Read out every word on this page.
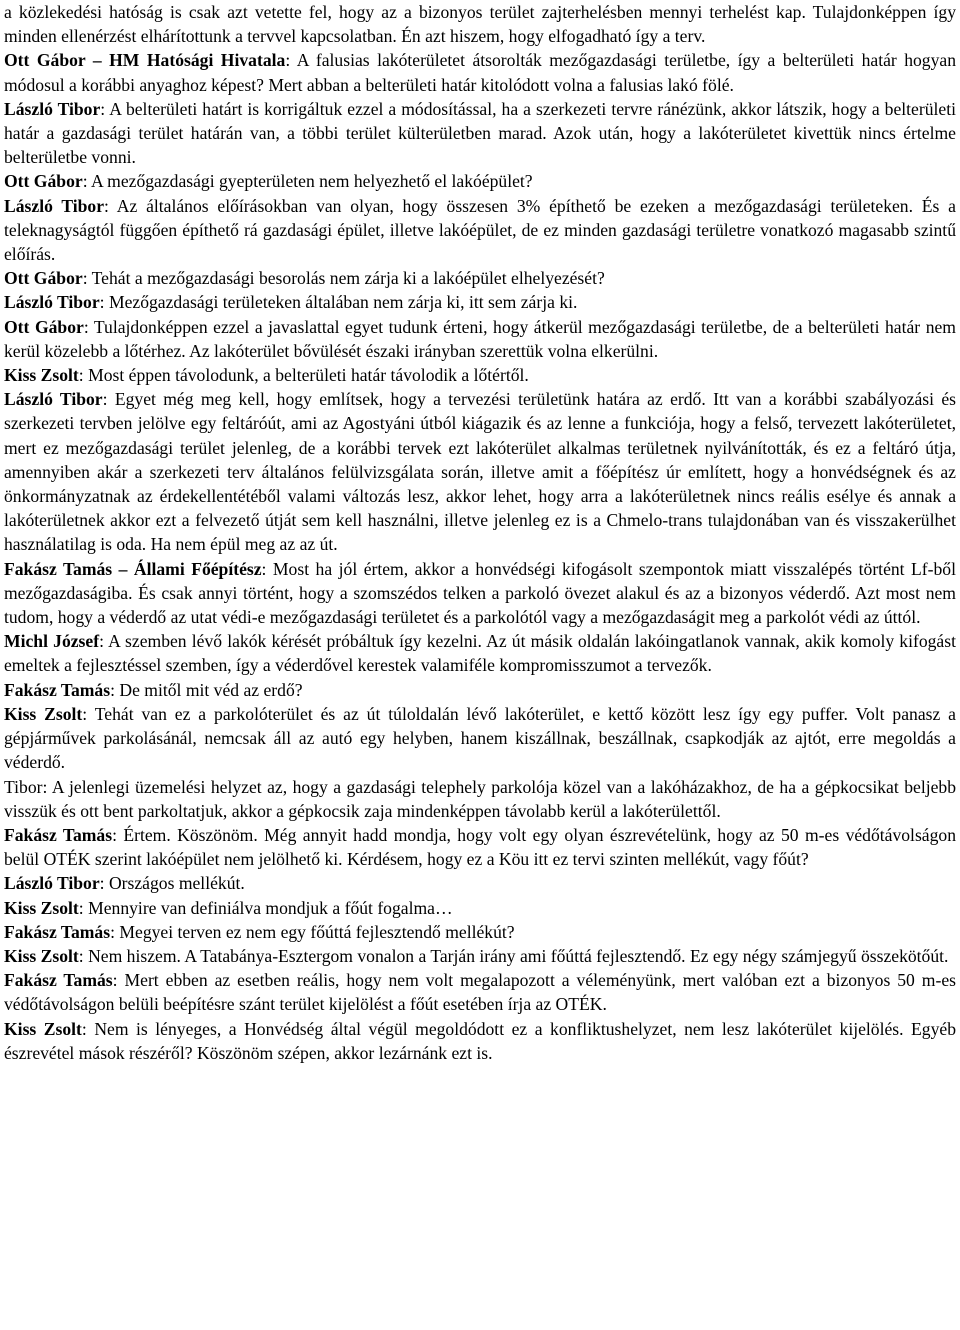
a közlekedési hatóság is csak azt vetette fel, hogy az a bizonyos terület zajterhelésben mennyi terhelést kap. Tulajdonképpen így minden ellenérzést elhárítottunk a tervvel kapcsolatban. Én azt hiszem, hogy elfogadható így a terv.

Ott Gábor – HM Hatósági Hivatala: A falusias lakóterületet átsorolták mezőgazdasági területbe, így a belterületi határ hogyan módosul a korábbi anyaghoz képest? Mert abban a belterületi határ kitolódott volna a falusias lakó fölé.

László Tibor: A belterületi határt is korrigáltuk ezzel a módosítással, ha a szerkezeti tervre ránézünk, akkor látszik, hogy a belterületi határ a gazdasági terület határán van, a többi terület külterületben marad. Azok után, hogy a lakóterületet kivettük nincs értelme belterületbe vonni.

Ott Gábor: A mezőgazdasági gyepterületen nem helyezhető el lakóépület?

László Tibor: Az általános előírásokban van olyan, hogy összesen 3% építhető be ezeken a mezőgazdasági területeken. És a teleknagyságtól függően építhető rá gazdasági épület, illetve lakóépület, de ez minden gazdasági területre vonatkozó magasabb szintű előírás.

Ott Gábor: Tehát a mezőgazdasági besorolás nem zárja ki a lakóépület elhelyezését?

László Tibor: Mezőgazdasági területeken általában nem zárja ki, itt sem zárja ki.

Ott Gábor: Tulajdonképpen ezzel a javaslattal egyet tudunk érteni, hogy átkerül mezőgazdasági területbe, de a belterületi határ nem kerül közelebb a lőtérhez. Az lakóterület bővülését északi irányban szerettük volna elkerülni.

Kiss Zsolt: Most éppen távolodunk, a belterületi határ távolodik a lőtértől.

László Tibor: Egyet még meg kell, hogy említsek, hogy a tervezési területünk határa az erdő. Itt van a korábbi szabályozási és szerkezeti tervben jelölve egy feltáróút, ami az Agostyáni útból kiágazik és az lenne a funkciója, hogy a felső, tervezett lakóterületet, mert ez mezőgazdasági terület jelenleg, de a korábbi tervek ezt lakóterület alkalmas területnek nyilvánították, és ez a feltáró útja, amennyiben akár a szerkezeti terv általános felülvizsgálata során, illetve amit a főépítész úr említett, hogy a honvédségnek és az önkormányzatnak az érdekellentétéből valami változás lesz, akkor lehet, hogy arra a lakóterületnek nincs reális esélye és annak a lakóterületnek akkor ezt a felvezető útját sem kell használni, illetve jelenleg ez is a Chmelo-trans tulajdonában van és visszakerülhet használatilag is oda. Ha nem épül meg az az út.

Fakász Tamás – Állami Főépítész: Most ha jól értem, akkor a honvédségi kifogásolt szempontok miatt visszalépés történt Lf-ből mezőgazdaságiba. És csak annyi történt, hogy a szomszédos telken a parkoló övezet alakul és az a bizonyos véderdő. Azt most nem tudom, hogy a véderdő az utat védi-e mezőgazdasági területet és a parkolótól vagy a mezőgazdaságit meg a parkolót védi az úttól.

Michl József: A szemben lévő lakók kérését próbáltuk így kezelni. Az út másik oldalán lakóingatlanok vannak, akik komoly kifogást emeltek a fejlesztéssel szemben, így a véderdővel kerestek valamiféle kompromisszumot a tervezők.

Fakász Tamás: De mitől mit véd az erdő?

Kiss Zsolt: Tehát van ez a parkolóterület és az út túloldalán lévő lakóterület, e kettő között lesz így egy puffer. Volt panasz a gépjárművek parkolásánál, nemcsak áll az autó egy helyben, hanem kiszállnak, beszállnak, csapkodják az ajtót, erre megoldás a véderdő.

Tibor: A jelenlegi üzemelési helyzet az, hogy a gazdasági telephely parkolója közel van a lakóházakhoz, de ha a gépkocsikat beljebb visszük és ott bent parkoltatjuk, akkor a gépkocsik zaja mindenképpen távolabb kerül a lakóterülettől.

Fakász Tamás: Értem. Köszönöm. Még annyit hadd mondja, hogy volt egy olyan észrevételünk, hogy az 50 m-es védőtávolságon belül OTÉK szerint lakóépület nem jelölhető ki. Kérdésem, hogy ez a Köu itt ez tervi szinten mellékút, vagy főút?

László Tibor: Országos mellékút.

Kiss Zsolt: Mennyire van definiálva mondjuk a főút fogalma…

Fakász Tamás: Megyei terven ez nem egy főúttá fejlesztendő mellékút?

Kiss Zsolt: Nem hiszem. A Tatabánya-Esztergom vonalon a Tarján irány ami főúttá fejlesztendő. Ez egy négy számjegyű összekötőút.

Fakász Tamás: Mert ebben az esetben reális, hogy nem volt megalapozott a véleményünk, mert valóban ezt a bizonyos 50 m-es védőtávolságon belüli beépítésre szánt terület kijelölést a főút esetében írja az OTÉK.

Kiss Zsolt: Nem is lényeges, a Honvédség által végül megoldódott ez a konfliktushelyzet, nem lesz lakóterület kijelölés. Egyéb észrevétel mások részéről? Köszönöm szépen, akkor lezárnánk ezt is.
